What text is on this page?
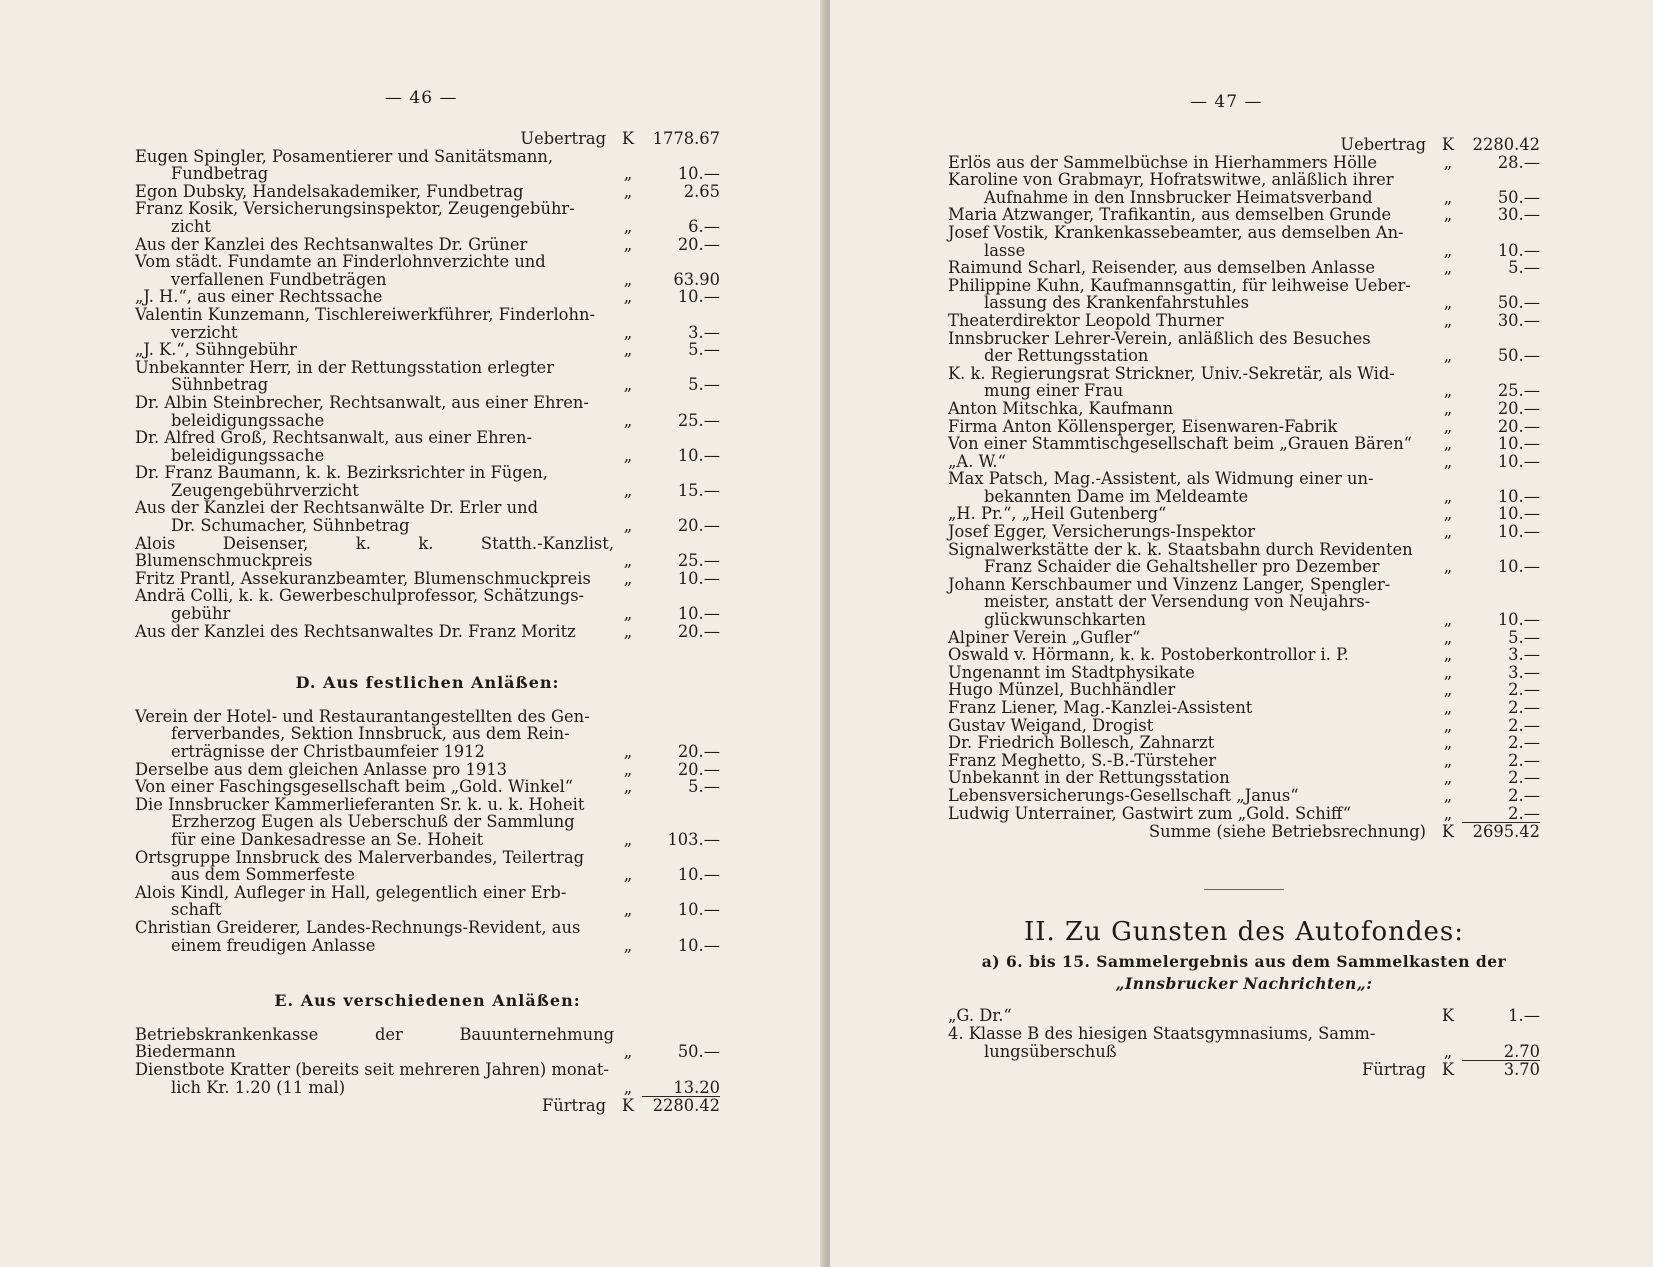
— 46 —
Uebertrag K	1778.67
Eugen Spingler, Posamentierer und Sanitätsmann,
Fundbetrag	„	10.—
Egon Dubsky, Handelsakademiker, Fundbetrag	„	2.65
Franz Kosik, Versicherungsinspektor, Zeugengebühr-
zicht	„	6.—
Aus der Kanzlei des Rechtsanwaltes Dr. Grüner	„	20.—
Vom städt. Fundamte an Finderlohnverzichte und
verfallenen Fundbeträgen	„	63.90
„J. H.“, aus einer Rechtssache	„	10.—
Valentin Kunzemann, Tischlereiwerkführer, Finderlohn-
verzicht	„	3.—
„J. K.“, Sühngebühr	„	5.—
Unbekannter Herr, in der Rettungsstation erlegter
Sühnbetrag	„	5.—
Dr. Albin Steinbrecher, Rechtsanwalt, aus einer Ehren-
beleidigungssache	„	25.—
Dr. Alfred Groß, Rechtsanwalt, aus einer Ehren-
beleidigungssache	„	10.—
Dr. Franz Baumann, k. k. Bezirksrichter in Fügen,
Zeugengebührverzicht	„	15.—
Aus der Kanzlei der Rechtsanwälte Dr. Erler und
Dr. Schumacher, Sühnbetrag	„	20.—
Alois Deisenser, k. k. Statth.-Kanzlist, Blumenschmuckpreis	„	25.—
Fritz Prantl, Assekuranzbeamter, Blumenschmuckpreis	„	10.—
Andrä Colli, k. k. Gewerbeschulprofessor, Schätzungs-
gebühr	„	10.—
Aus der Kanzlei des Rechtsanwaltes Dr. Franz Moritz	„	20.—
D. Aus festlichen Anläßen:
Verein der Hotel- und Restaurantangestellten des Gen-
ferverbandes, Sektion Innsbruck, aus dem Rein-
erträgnisse der Christbaumfeier 1912	„	20.—
Derselbe aus dem gleichen Anlasse pro 1913	„	20.—
Von einer Faschingsgesellschaft beim „Gold. Winkel“	„	5.—
Die Innsbrucker Kammerlieferanten Sr. k. u. k. Hoheit
Erzherzog Eugen als Ueberschuß der Sammlung
für eine Dankesadresse an Se. Hoheit	„	103.—
Ortsgruppe Innsbruck des Malerverbandes, Teilertrag
aus dem Sommerfeste	„	10.—
Alois Kindl, Aufleger in Hall, gelegentlich einer Erb-
schaft	„	10.—
Christian Greiderer, Landes-Rechnungs-Revident, aus
einem freudigen Anlasse	„	10.—
E. Aus verschiedenen Anläßen:
Betriebskrankenkasse der Bauunternehmung Biedermann	„	50.—
Dienstbote Kratter (bereits seit mehreren Jahren) monat-
lich Kr. 1.20 (11 mal)	„	13.20
Fürtrag K	2280.42
— 47 —
Uebertrag K	2280.42
Erlös aus der Sammelbüchse in Hierhammers Hölle	„	28.—
Karoline von Grabmayr, Hofratswitwe, anläßlich ihrer
Aufnahme in den Innsbrucker Heimatsverband	„	50.—
Maria Atzwanger, Trafikantin, aus demselben Grunde	„	30.—
Josef Vostik, Krankenkassebeamter, aus demselben An-
lasse	„	10.—
Raimund Scharl, Reisender, aus demselben Anlasse	„	5.—
Philippine Kuhn, Kaufmannsgattin, für leihweise Ueber-
lassung des Krankenfahrstuhles	„	50.—
Theaterdirektor Leopold Thurner	„	30.—
Innsbrucker Lehrer-Verein, anläßlich des Besuches
der Rettungsstation	„	50.—
K. k. Regierungsrat Strickner, Univ.-Sekretär, als Wid-
mung einer Frau	„	25.—
Anton Mitschka, Kaufmann	„	20.—
Firma Anton Köllensperger, Eisenwaren-Fabrik	„	20.—
Von einer Stammtischgesellschaft beim „Grauen Bären“	„	10.—
„A. W.“	„	10.—
Max Patsch, Mag.-Assistent, als Widmung einer un-
bekannten Dame im Meldeamte	„	10.—
„H. Pr.“, „Heil Gutenberg“	„	10.—
Josef Egger, Versicherungs-Inspektor	„	10.—
Signalwerkstätte der k. k. Staatsbahn durch Revidenten
Franz Schaider die Gehaltsheller pro Dezember	„	10.—
Johann Kerschbaumer und Vinzenz Langer, Spengler-
meister, anstatt der Versendung von Neujahrs-
glückwunschkarten	„	10.—
Alpiner Verein „Gufler“	„	5.—
Oswald v. Hörmann, k. k. Postoberkontrollor i. P.	„	3.—
Ungenannt im Stadtphysikate	„	3.—
Hugo Münzel, Buchhändler	„	2.—
Franz Liener, Mag.-Kanzlei-Assistent	„	2.—
Gustav Weigand, Drogist	„	2.—
Dr. Friedrich Bollesch, Zahnarzt	„	2.—
Franz Meghetto, S.-B.-Türsteher	„	2.—
Unbekannt in der Rettungsstation	„	2.—
Lebensversicherungs-Gesellschaft „Janus“	„	2.—
Ludwig Unterrainer, Gastwirt zum „Gold. Schiff“	„	2.—
Summe (siehe Betriebsrechnung) K	2695.42
II. Zu Gunsten des Autofondes:
a) 6. bis 15. Sammelergebnis aus dem Sammelkasten der
„Innsbrucker Nachrichten„:
„G. Dr.“	K	1.—
4. Klasse B des hiesigen Staatsgymnasiums, Samm-
lungsüberschuß	„	2.70
Fürtrag K	3.70
